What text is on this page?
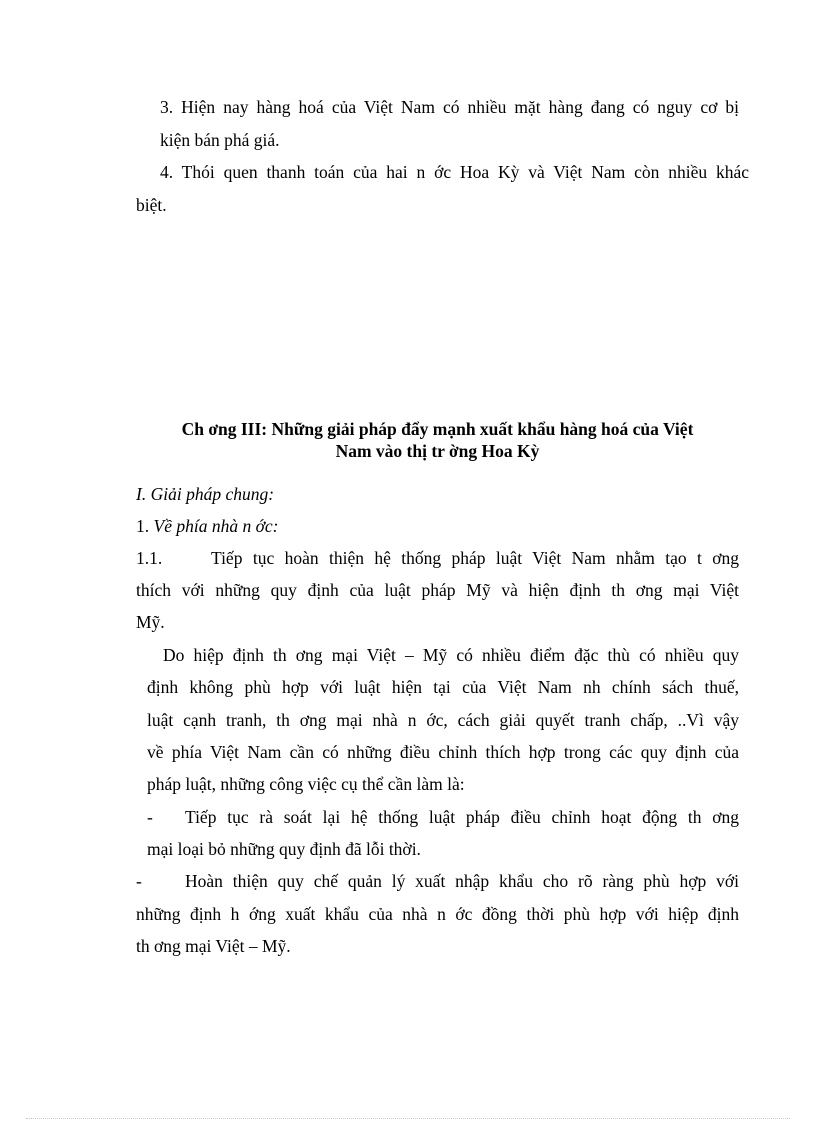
3. Hiện nay hàng hoá của Việt Nam có nhiều mặt hàng đang có nguy cơ bị

kiện bán phá giá.

4. Thói quen thanh toán của hai n ớc Hoa Kỳ và Việt Nam còn nhiều khác

biệt.

Ch ơng III: Những giải pháp đẩy mạnh xuất khẩu hàng hoá của Việt

Nam vào thị tr ờng Hoa Kỳ

I. Giải pháp chung:

1. Về phía nhà n ớc:

1.1.	Tiếp tục hoàn thiện hệ thống pháp luật Việt Nam nhằm tạo t ơng

thích với những quy định của luật pháp Mỹ và hiện định th ơng mại Việt

Mỹ.

Do hiệp định th ơng mại Việt – Mỹ có nhiều điểm đặc thù có nhiều quy

định không phù hợp với luật hiện tại của Việt Nam nh chính sách thuế,

luật cạnh tranh, th ơng mại nhà n ớc, cách giải quyết tranh chấp, ..Vì vậy

về phía Việt Nam cần có những điều chỉnh thích hợp trong các quy định của

pháp luật, những công việc cụ thể cần làm là:

-	Tiếp tục rà soát lại hệ thống luật pháp điều chỉnh hoạt động th ơng

mại loại bỏ những quy định đã lỗi thời.

-	Hoàn thiện quy chế quản lý xuất nhập khẩu cho rõ ràng phù hợp với

những định h ớng xuất khẩu của nhà n ớc đồng thời phù hợp với hiệp định

th ơng mại Việt – Mỹ.
